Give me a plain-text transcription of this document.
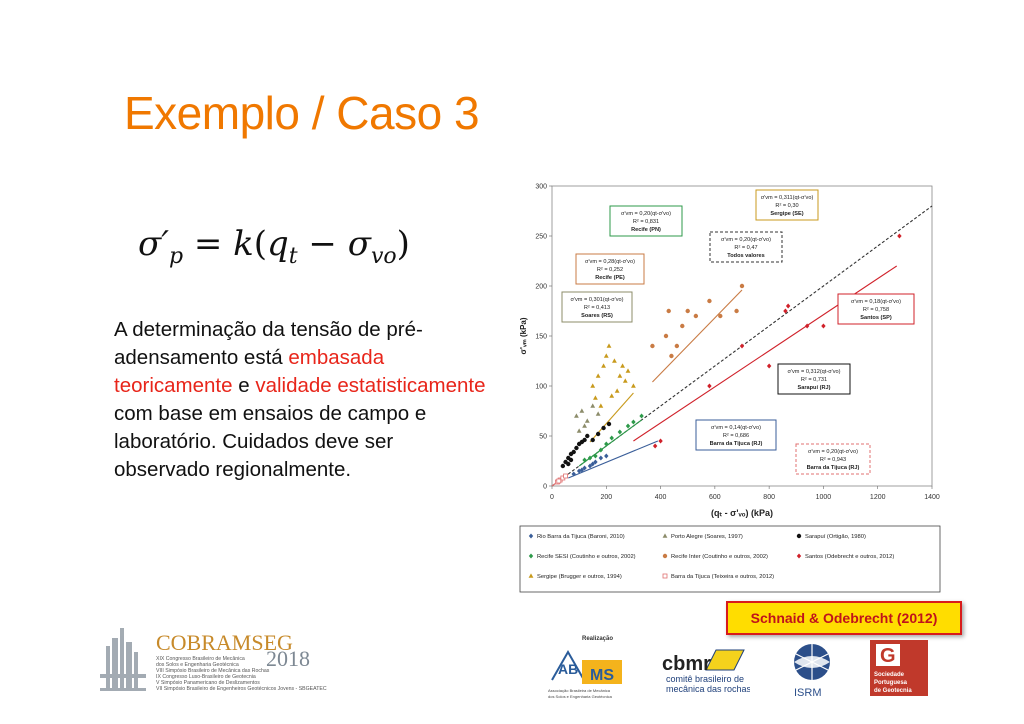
Exemplo / Caso 3
$\sigma'_p = k(q_t - \sigma_{vo})$
A determinação da tensão de pré-adensamento está embasada teoricamente e validade estatisticamente com base em ensaios de campo e laboratório. Cuidados deve ser observado regionalmente.
0	200	400	600	800	1000	1200	1400
0
50
100
150
200
250
300
(qₜ - σ'ᵥₒ) (kPa)
σ'ᵥₘ (kPa)
σ'vm = 0,311(qt-σ'vo)
R² = 0,30
Sergipe (SE)
σ'vm = 0,20(qt-σ'vo)
R² = 0,831
Recife (PN)
σ'vm = 0,20(qt-σ'vo)
R² = 0,47
Todos valores
σ'vm = 0,28(qt-σ'vo)
R² = 0,252
Recife (PE)
σ'vm = 0,301(qt-σ'vo)
R² = 0,413
Soares (RS)
σ'vm = 0,18(qt-σ'vo)
R² = 0,758
Santos (SP)
σ'vm = 0,312(qt-σ'vo)
R² = 0,731
Sarapuí (RJ)
σ'vm = 0,14(qt-σ'vo)
R² = 0,686
Barra da Tijuca (RJ)
σ'vm = 0,20(qt-σ'vo)
R² = 0,943
Barra da Tijuca (RJ)
Rio Barra da Tijuca (Baroni, 2010)	Porto Alegre (Soares, 1997)	Sarapuí (Ortigão, 1980)
Recife SESI (Coutinho e outros, 2002)	Recife Inter (Coutinho e outros, 2002)	Santos (Odebrecht e outros, 2012)
Sergipe (Brugger e outros, 1994)	Barra da Tijuca (Teixeira e outros, 2012)
Schnaid & Odebrecht (2012)
COBRAMSEG
2018
XIX Congresso Brasileiro de Mecânica
dos Solos e Engenharia Geotécnica
VIII Simpósio Brasileiro de Mecânica das Rochas
IX Congresso Luso-Brasileiro de Geotecnia
V Simpósio Panamericano de Deslizamentos
VII Simpósio Brasileiro de Engenheiros Geotécnicos Jovens - SBGEATEC
Realização
AB MS
Associação Brasileira de Mecânica
dos Solos e Engenharia Geotécnica
cbmr
comitê brasileiro de
mecânica das rochas	ISRM
G
Sociedade
Portuguesa
de Geotecnia
